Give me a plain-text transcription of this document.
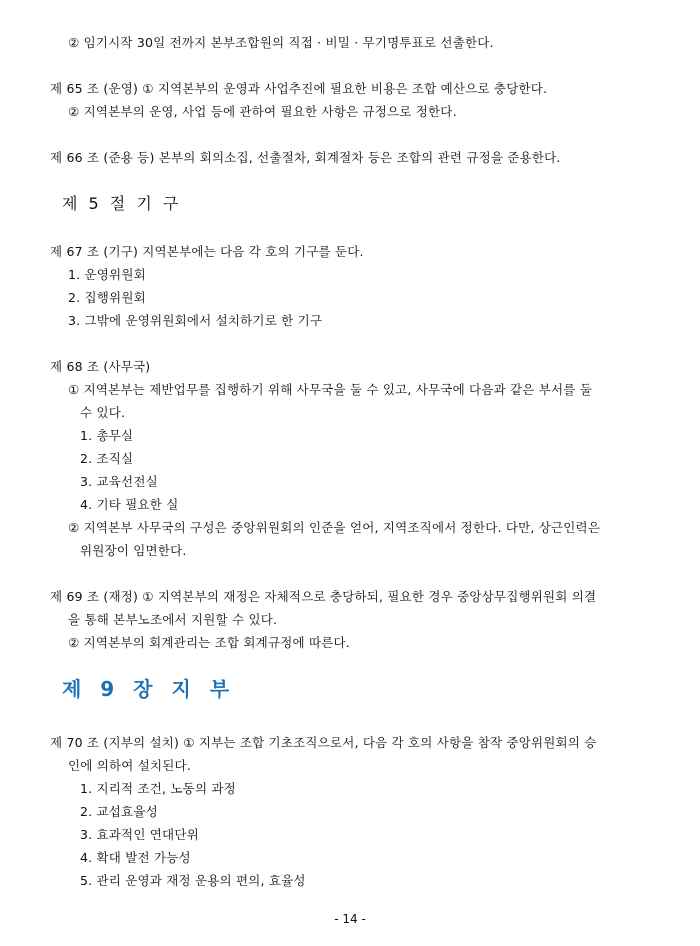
② 임기시작 30일 전까지 본부조합원의 직접 · 비밀 · 무기명투표로 선출한다.
제 65 조 (운영) ① 지역본부의 운영과 사업추진에 필요한 비용은 조합 예산으로 충당한다.
② 지역본부의 운영, 사업 등에 관하여 필요한 사항은 규정으로 정한다.
제 66 조 (준용 등) 본부의 회의소집, 선출절차, 회계절차 등은 조합의 관련 규정을 준용한다.
제 5 절 기 구
제 67 조 (기구) 지역본부에는 다음 각 호의 기구를 둔다.
1. 운영위원회
2. 집행위원회
3. 그밖에 운영위원회에서 설치하기로 한 기구
제 68 조 (사무국)
① 지역본부는 제반업무를 집행하기 위해 사무국을 둘 수 있고, 사무국에 다음과 같은 부서를 둘
수 있다.
1. 총무실
2. 조직실
3. 교육선전실
4. 기타 필요한 실
② 지역본부 사무국의 구성은 중앙위원회의 인준을 얻어, 지역조직에서 정한다. 다만, 상근인력은
위원장이 임면한다.
제 69 조 (재정) ① 지역본부의 재정은 자체적으로 충당하되, 필요한 경우 중앙상무집행위원회 의결
을 통해 본부노조에서 지원할 수 있다.
② 지역본부의 회계관리는 조합 회계규정에 따른다.
제 9 장 지 부
제 70 조 (지부의 설치) ① 지부는 조합 기초조직으로서, 다음 각 호의 사항을 참작 중앙위원회의 승
인에 의하여 설치된다.
1. 지리적 조건, 노동의 과정
2. 교섭효율성
3. 효과적인 연대단위
4. 확대 발전 가능성
5. 관리 운영과 재정 운용의 편의, 효율성
- 14 -
